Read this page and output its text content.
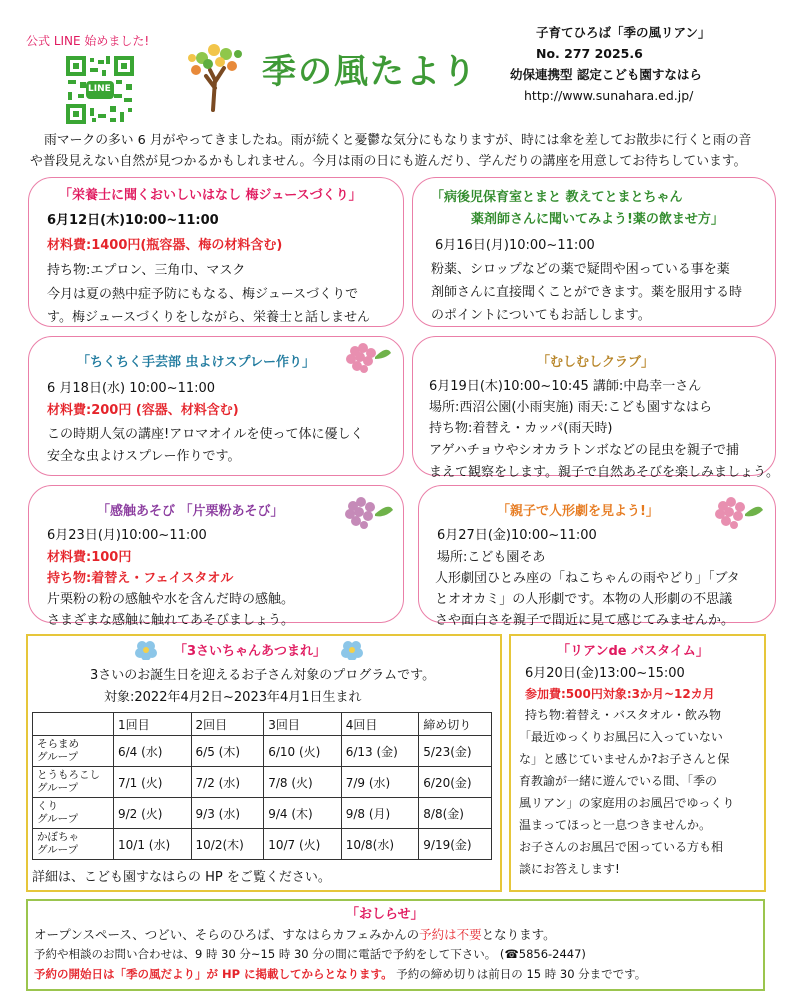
公式 LINE 始めました!
LINE	季の風たより
子育てひろば「季の風リアン」
No. 277 2025.6
幼保連携型 認定こども園すなはら
http://www.sunahara.ed.jp/
雨マークの多い 6 月がやってきましたね。雨が続くと憂鬱な気分にもなりますが、時には傘を差してお散歩に行くと雨の音
や普段見えない自然が見つかるかもしれません。今月は雨の日にも遊んだり、学んだりの講座を用意してお待ちしています。
「栄養士に聞くおいしいはなし 梅ジュースづくり」
6月12日(木)10:00~11:00
材料費:1400円(瓶容器、梅の材料含む)
持ち物:エプロン、三角巾、マスク
今月は夏の熱中症予防にもなる、梅ジュースづくりで
す。梅ジュースづくりをしながら、栄養士と話しません
「病後児保育室とまと 教えてとまとちゃん
薬剤師さんに聞いてみよう!薬の飲ませ方」
6月16日(月)10:00~11:00
粉薬、シロップなどの薬で疑問や困っている事を薬
剤師さんに直接聞くことができます。薬を服用する時
のポイントについてもお話しします。
「ちくちく手芸部 虫よけスプレー作り」
6 月18日(水) 10:00~11:00
材料費:200円 (容器、材料含む)
この時期人気の講座!アロマオイルを使って体に優しく
安全な虫よけスプレー作りです。
「むしむしクラブ」
6月19日(木)10:00~10:45 講師:中島幸一さん
場所:西沼公園(小雨実施) 雨天:こども園すなはら
持ち物:着替え・カッパ(雨天時)
アゲハチョウやシオカラトンボなどの昆虫を親子で捕
まえて観察をします。親子で自然あそびを楽しみましょう。
「感触あそび 「片栗粉あそび」
6月23日(月)10:00~11:00
材料費:100円
持ち物:着替え・フェイスタオル
片栗粉の粉の感触や水を含んだ時の感触。
さまざまな感触に触れてあそびましょう。
「親子で人形劇を見よう!」
6月27日(金)10:00~11:00
場所:こども園そあ
人形劇団ひとみ座の「ねこちゃんの雨やどり」「ブタ
とオオカミ」の人形劇です。本物の人形劇の不思議
さや面白さを親子で間近に見て感じてみませんか。
「3さいちゃんあつまれ」
3さいのお誕生日を迎えるお子さん対象のプログラムです。
対象:2022年4月2日~2023年4月1日生まれ
	1回目	2回目	3回目	4回目	締め切り

そらまめ
グループ	6/4 (水)	6/5 (木)	6/10 (火)	6/13 (金)	5/23(金)

とうもろこし
グループ	7/1 (火)	7/2 (水)	7/8 (火)	7/9 (水)	6/20(金)

くり
グループ	9/2 (火)	9/3 (水)	9/4 (木)	9/8 (月)	8/8(金)

かぼちゃ
グループ	10/1 (水)	10/2(木)	10/7 (火)	10/8(水)	9/19(金)
詳細は、こども園すなはらの HP をご覧ください。
「リアンde バスタイム」
6月20日(金)13:00~15:00
参加費:500円対象:3か月~12カ月
持ち物:着替え・バスタオル・飲み物
「最近ゆっくりお風呂に入っていない
な」と感じていませんか?お子さんと保
育教諭が一緒に遊んでいる間、「季の
風リアン」の家庭用のお風呂でゆっくり
温まってほっと一息つきませんか。
お子さんのお風呂で困っている方も相
談にお答えします!
「おしらせ」
オープンスペース、つどい、そらのひろば、すなはらカフェみかんの予約は不要となります。
予約や相談のお問い合わせは、9 時 30 分~15 時 30 分の間に電話で予約をして下さい。 (☎5856-2447)
予約の開始日は「季の風だより」が HP に掲載してからとなります。 予約の締め切りは前日の 15 時 30 分までです。
